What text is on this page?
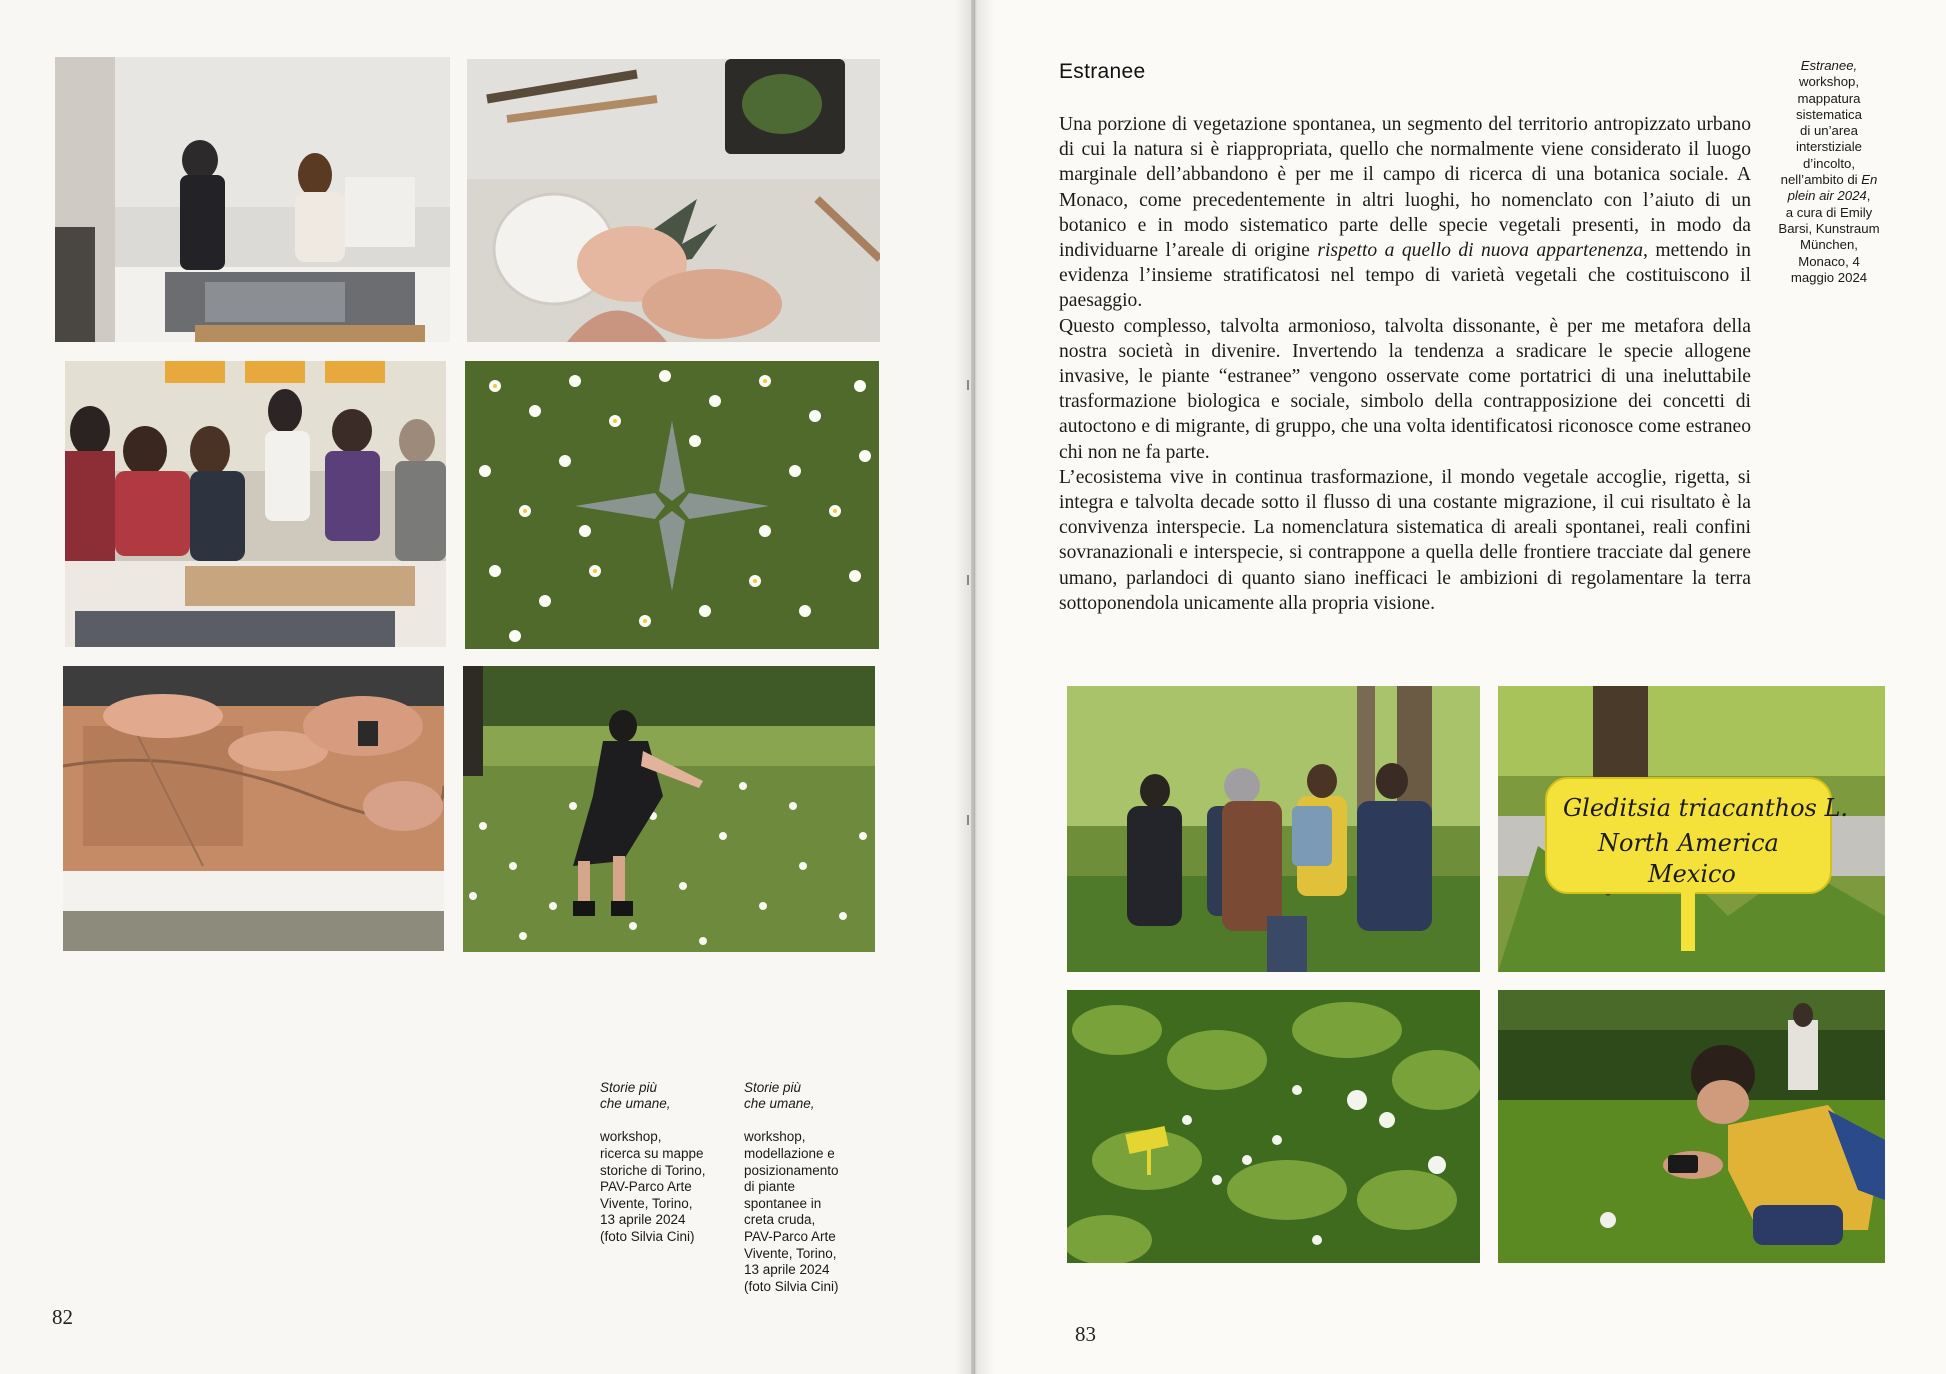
Storie più
che umane,

workshop,
ricerca su mappe
storiche di Torino,
PAV-Parco Arte
Vivente, Torino,
13 aprile 2024
(foto Silvia Cini)

Storie più
che umane,

workshop,
modellazione e
posizionamento
di piante
spontanee in
creta cruda,
PAV-Parco Arte
Vivente, Torino,
13 aprile 2024
(foto Silvia Cini)

82
Estranee

Una porzione di vegetazione spontanea, un segmento del territorio antropizzato urbano di cui la natura si è riappropriata, quello che normalmente viene considerato il luogo marginale dell’abbandono è per me il campo di ricerca di una botanica sociale. A Monaco, come precedentemente in altri luoghi, ho nomenclato con l’aiuto di un botanico e in modo sistematico parte delle specie vegetali presenti, in modo da individuarne l’areale di origine rispetto a quello di nuova appartenenza, mettendo in evidenza l’insieme stratificatosi nel tempo di varietà vegetali che costituiscono il paesaggio.

Questo complesso, talvolta armonioso, talvolta dissonante, è per me metafora della nostra società in divenire. Invertendo la tendenza a sradicare le specie allogene invasive, le piante “estranee” vengono osservate come portatrici di una ineluttabile trasformazione biologica e sociale, simbolo della contrapposizione dei concetti di autoctono e di migrante, di gruppo, che una volta identificatosi riconosce come estraneo chi non ne fa parte.

L’ecosistema vive in continua trasformazione, il mondo vegetale accoglie, rigetta, si integra e talvolta decade sotto il flusso di una costante migrazione, il cui risultato è la convivenza interspecie. La nomenclatura sistematica di areali spontanei, reali confini sovranazionali e interspecie, si contrappone a quella delle frontiere tracciate dal genere umano, parlandoci di quanto siano inefficaci le ambizioni di regolamentare la terra sottoponendola unicamente alla propria visione.

Estranee,
workshop,
mappatura
sistematica
di un’area
interstiziale
d’incolto,
nell’ambito di En
plein air 2024,
a cura di Emily
Barsi, Kunstraum
München,
Monaco, 4
maggio 2024
Gleditsia triacanthos L.
North America
Mexico
83
